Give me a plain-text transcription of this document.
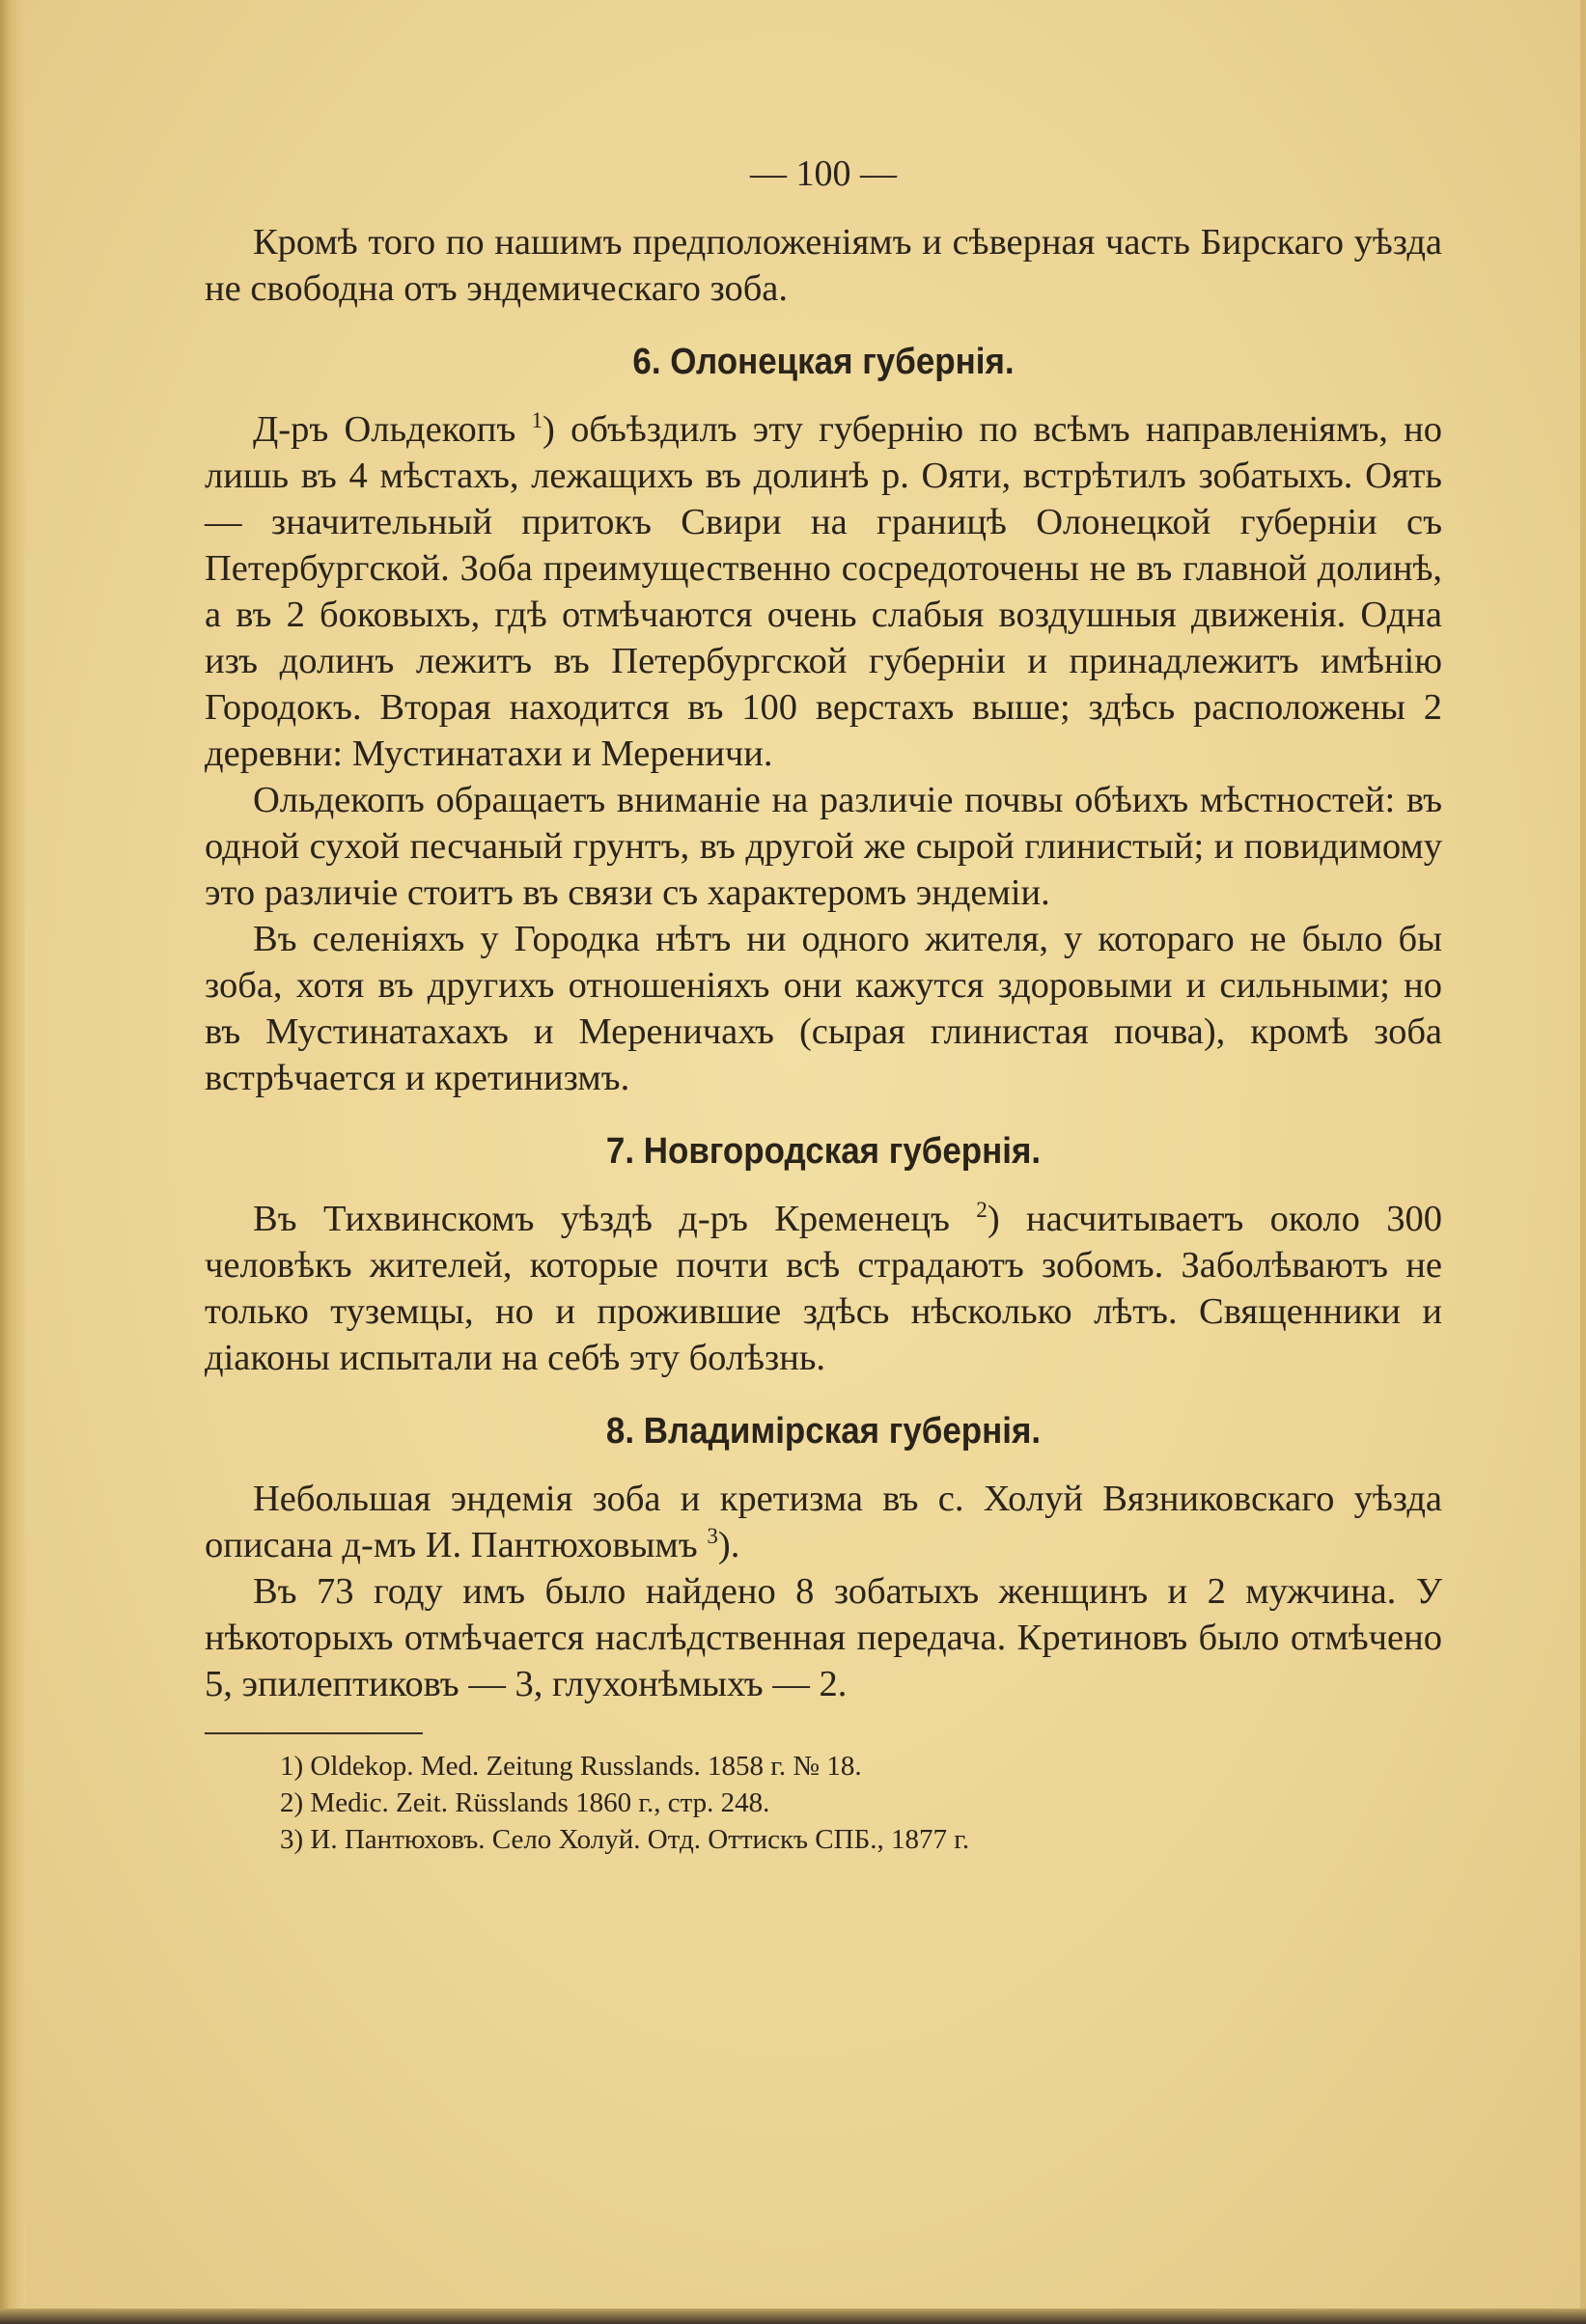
— 100 —

Кромѣ того по нашимъ предположеніямъ и сѣверная часть Бирскаго уѣзда не свободна отъ эндемическаго зоба.

6. Олонецкая губернія.

Д-ръ Ольдекопъ $^1$) объѣздилъ эту губернію по всѣмъ направленіямъ, но лишь въ 4 мѣстахъ, лежащихъ въ долинѣ р. Ояти, встрѣтилъ зобатыхъ. Оять — значительный притокъ Свири на границѣ Олонецкой губерніи съ Петербургской. Зоба преимущественно сосредоточены не въ главной долинѣ, а въ 2 боковыхъ, гдѣ отмѣчаются очень слабыя воздушныя движенія. Одна изъ долинъ лежитъ въ Петербургской губерніи и принадлежитъ имѣнію Городокъ. Вторая находится въ 100 верстахъ выше; здѣсь расположены 2 деревни: Мустинатахи и Мереничи.

Ольдекопъ обращаетъ вниманіе на различіе почвы обѣихъ мѣстностей: въ одной сухой песчаный грунтъ, въ другой же сырой глинистый; и повидимому это различіе стоитъ въ связи съ характеромъ эндеміи.

Въ селеніяхъ у Городка нѣтъ ни одного жителя, у котораго не было бы зоба, хотя въ другихъ отношеніяхъ они кажутся здоровыми и сильными; но въ Мустинатахахъ и Мереничахъ (сырая глинистая почва), кромѣ зоба встрѣчается и кретинизмъ.

7. Новгородская губернія.

Въ Тихвинскомъ уѣздѣ д-ръ Кременецъ $^2$) насчитываетъ около 300 человѣкъ жителей, которые почти всѣ страдаютъ зобомъ. Заболѣваютъ не только туземцы, но и прожившие здѣсь нѣсколько лѣтъ. Священники и діаконы испытали на себѣ эту болѣзнь.

8. Владимірская губернія.

Небольшая эндемія зоба и кретизма въ с. Холуй Вязниковскаго уѣзда описана д-мъ И. Пантюховымъ $^3$).

Въ 73 году имъ было найдено 8 зобатыхъ женщинъ и 2 мужчина. У нѣкоторыхъ отмѣчается наслѣдственная передача. Кретиновъ было отмѣчено 5, эпилептиковъ — 3, глухонѣмыхъ — 2.

1) Oldekop. Med. Zeitung Russlands. 1858 г. № 18.

2) Medic. Zeit. Rüsslands 1860 г., стр. 248.

3) И. Пантюховъ. Село Холуй. Отд. Оттискъ СПБ., 1877 г.
